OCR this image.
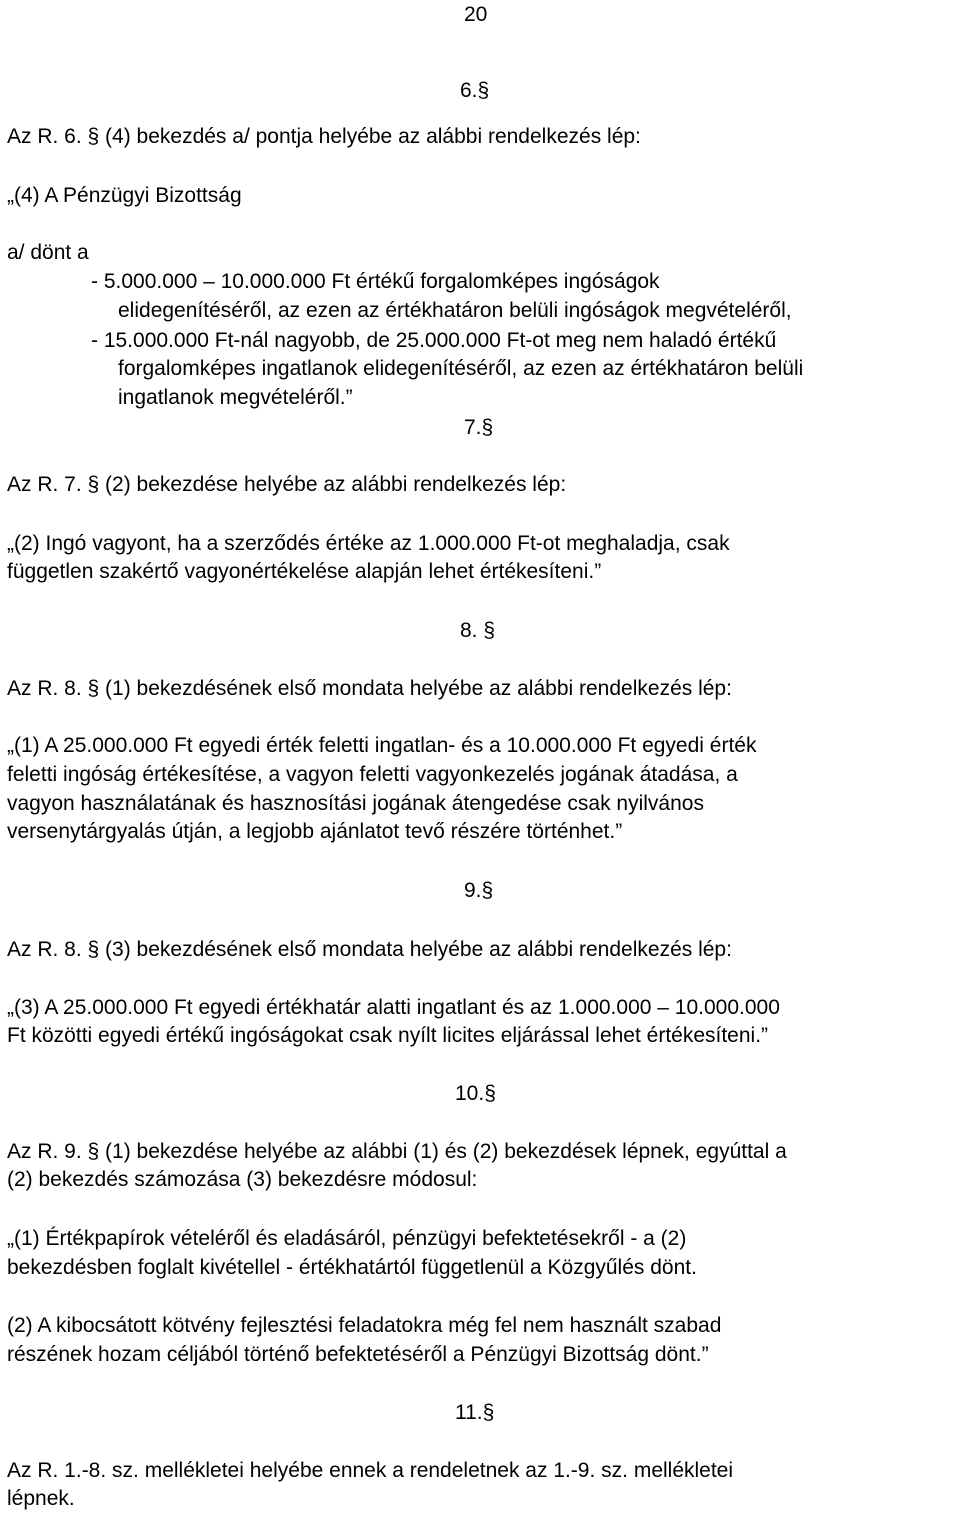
20
6.§
Az R. 6. § (4) bekezdés a/ pontja helyébe az alábbi rendelkezés lép:
„(4) A Pénzügyi Bizottság
a/ dönt a
- 5.000.000 – 10.000.000 Ft értékű forgalomképes ingóságok
elidegenítéséről, az ezen az értékhatáron belüli ingóságok megvételéről,
- 15.000.000 Ft-nál nagyobb, de 25.000.000 Ft-ot meg nem haladó értékű
forgalomképes ingatlanok elidegenítéséről, az ezen az értékhatáron belüli
ingatlanok megvételéről.”
7.§
Az R. 7. § (2) bekezdése helyébe az alábbi rendelkezés lép:
„(2) Ingó vagyont, ha a szerződés értéke az 1.000.000 Ft-ot meghaladja, csak
független szakértő vagyonértékelése alapján lehet értékesíteni.”
8. §
Az R. 8. § (1) bekezdésének első mondata helyébe az alábbi rendelkezés lép:
„(1) A 25.000.000 Ft egyedi érték feletti ingatlan- és a 10.000.000 Ft egyedi érték
feletti ingóság értékesítése, a vagyon feletti vagyonkezelés jogának átadása, a
vagyon használatának és hasznosítási jogának átengedése csak nyilvános
versenytárgyalás útján, a legjobb ajánlatot tevő részére történhet.”
9.§
Az R. 8. § (3) bekezdésének első mondata helyébe az alábbi rendelkezés lép:
„(3) A 25.000.000 Ft egyedi értékhatár alatti ingatlant és az 1.000.000 – 10.000.000
Ft közötti egyedi értékű ingóságokat csak nyílt licites eljárással lehet értékesíteni.”
10.§
Az R. 9. § (1) bekezdése helyébe az alábbi (1) és (2) bekezdések lépnek, egyúttal a
(2) bekezdés számozása (3) bekezdésre módosul:
„(1) Értékpapírok vételéről és eladásáról, pénzügyi befektetésekről - a (2)
bekezdésben foglalt kivétellel - értékhatártól függetlenül a Közgyűlés dönt.
(2) A kibocsátott kötvény fejlesztési feladatokra még fel nem használt szabad
részének hozam céljából történő befektetéséről a Pénzügyi Bizottság dönt.”
11.§
Az R. 1.-8. sz. mellékletei helyébe ennek a rendeletnek az 1.-9. sz. mellékletei
lépnek.
